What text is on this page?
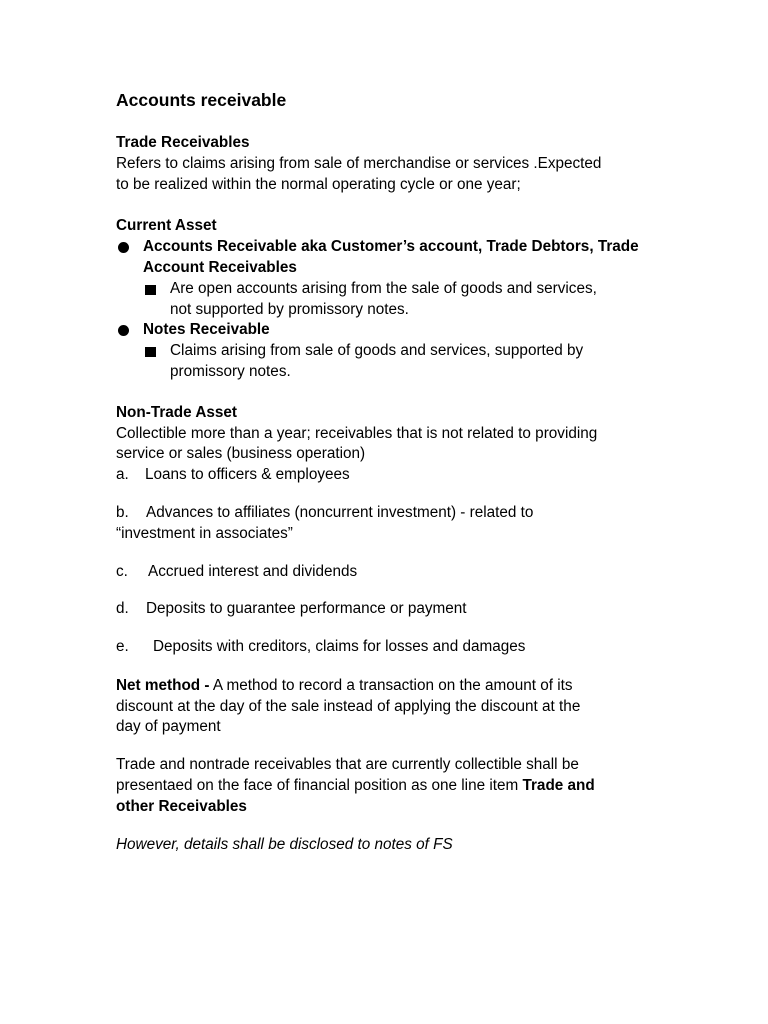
Accounts receivable
Trade Receivables
Refers to claims arising from sale of merchandise or services .Expected
to be realized within the normal operating cycle or one year;
Current Asset
Accounts Receivable aka Customer’s account, Trade Debtors, Trade
Account Receivables
Are open accounts arising from the sale of goods and services,
not supported by promissory notes.
Notes Receivable
Claims arising from sale of goods and services, supported by
promissory notes.
Non-Trade Asset
Collectible more than a year; receivables that is not related to providing
service or sales (business operation)
a. Loans to officers & employees
b. Advances to affiliates (noncurrent investment) - related to
“investment in associates”
c. Accrued interest and dividends
d. Deposits to guarantee performance or payment
e. Deposits with creditors, claims for losses and damages
Net method - A method to record a transaction on the amount of its
discount at the day of the sale instead of applying the discount at the
day of payment
Trade and nontrade receivables that are currently collectible shall be
presentaed on the face of financial position as one line item Trade and
other Receivables
However, details shall be disclosed to notes of FS
